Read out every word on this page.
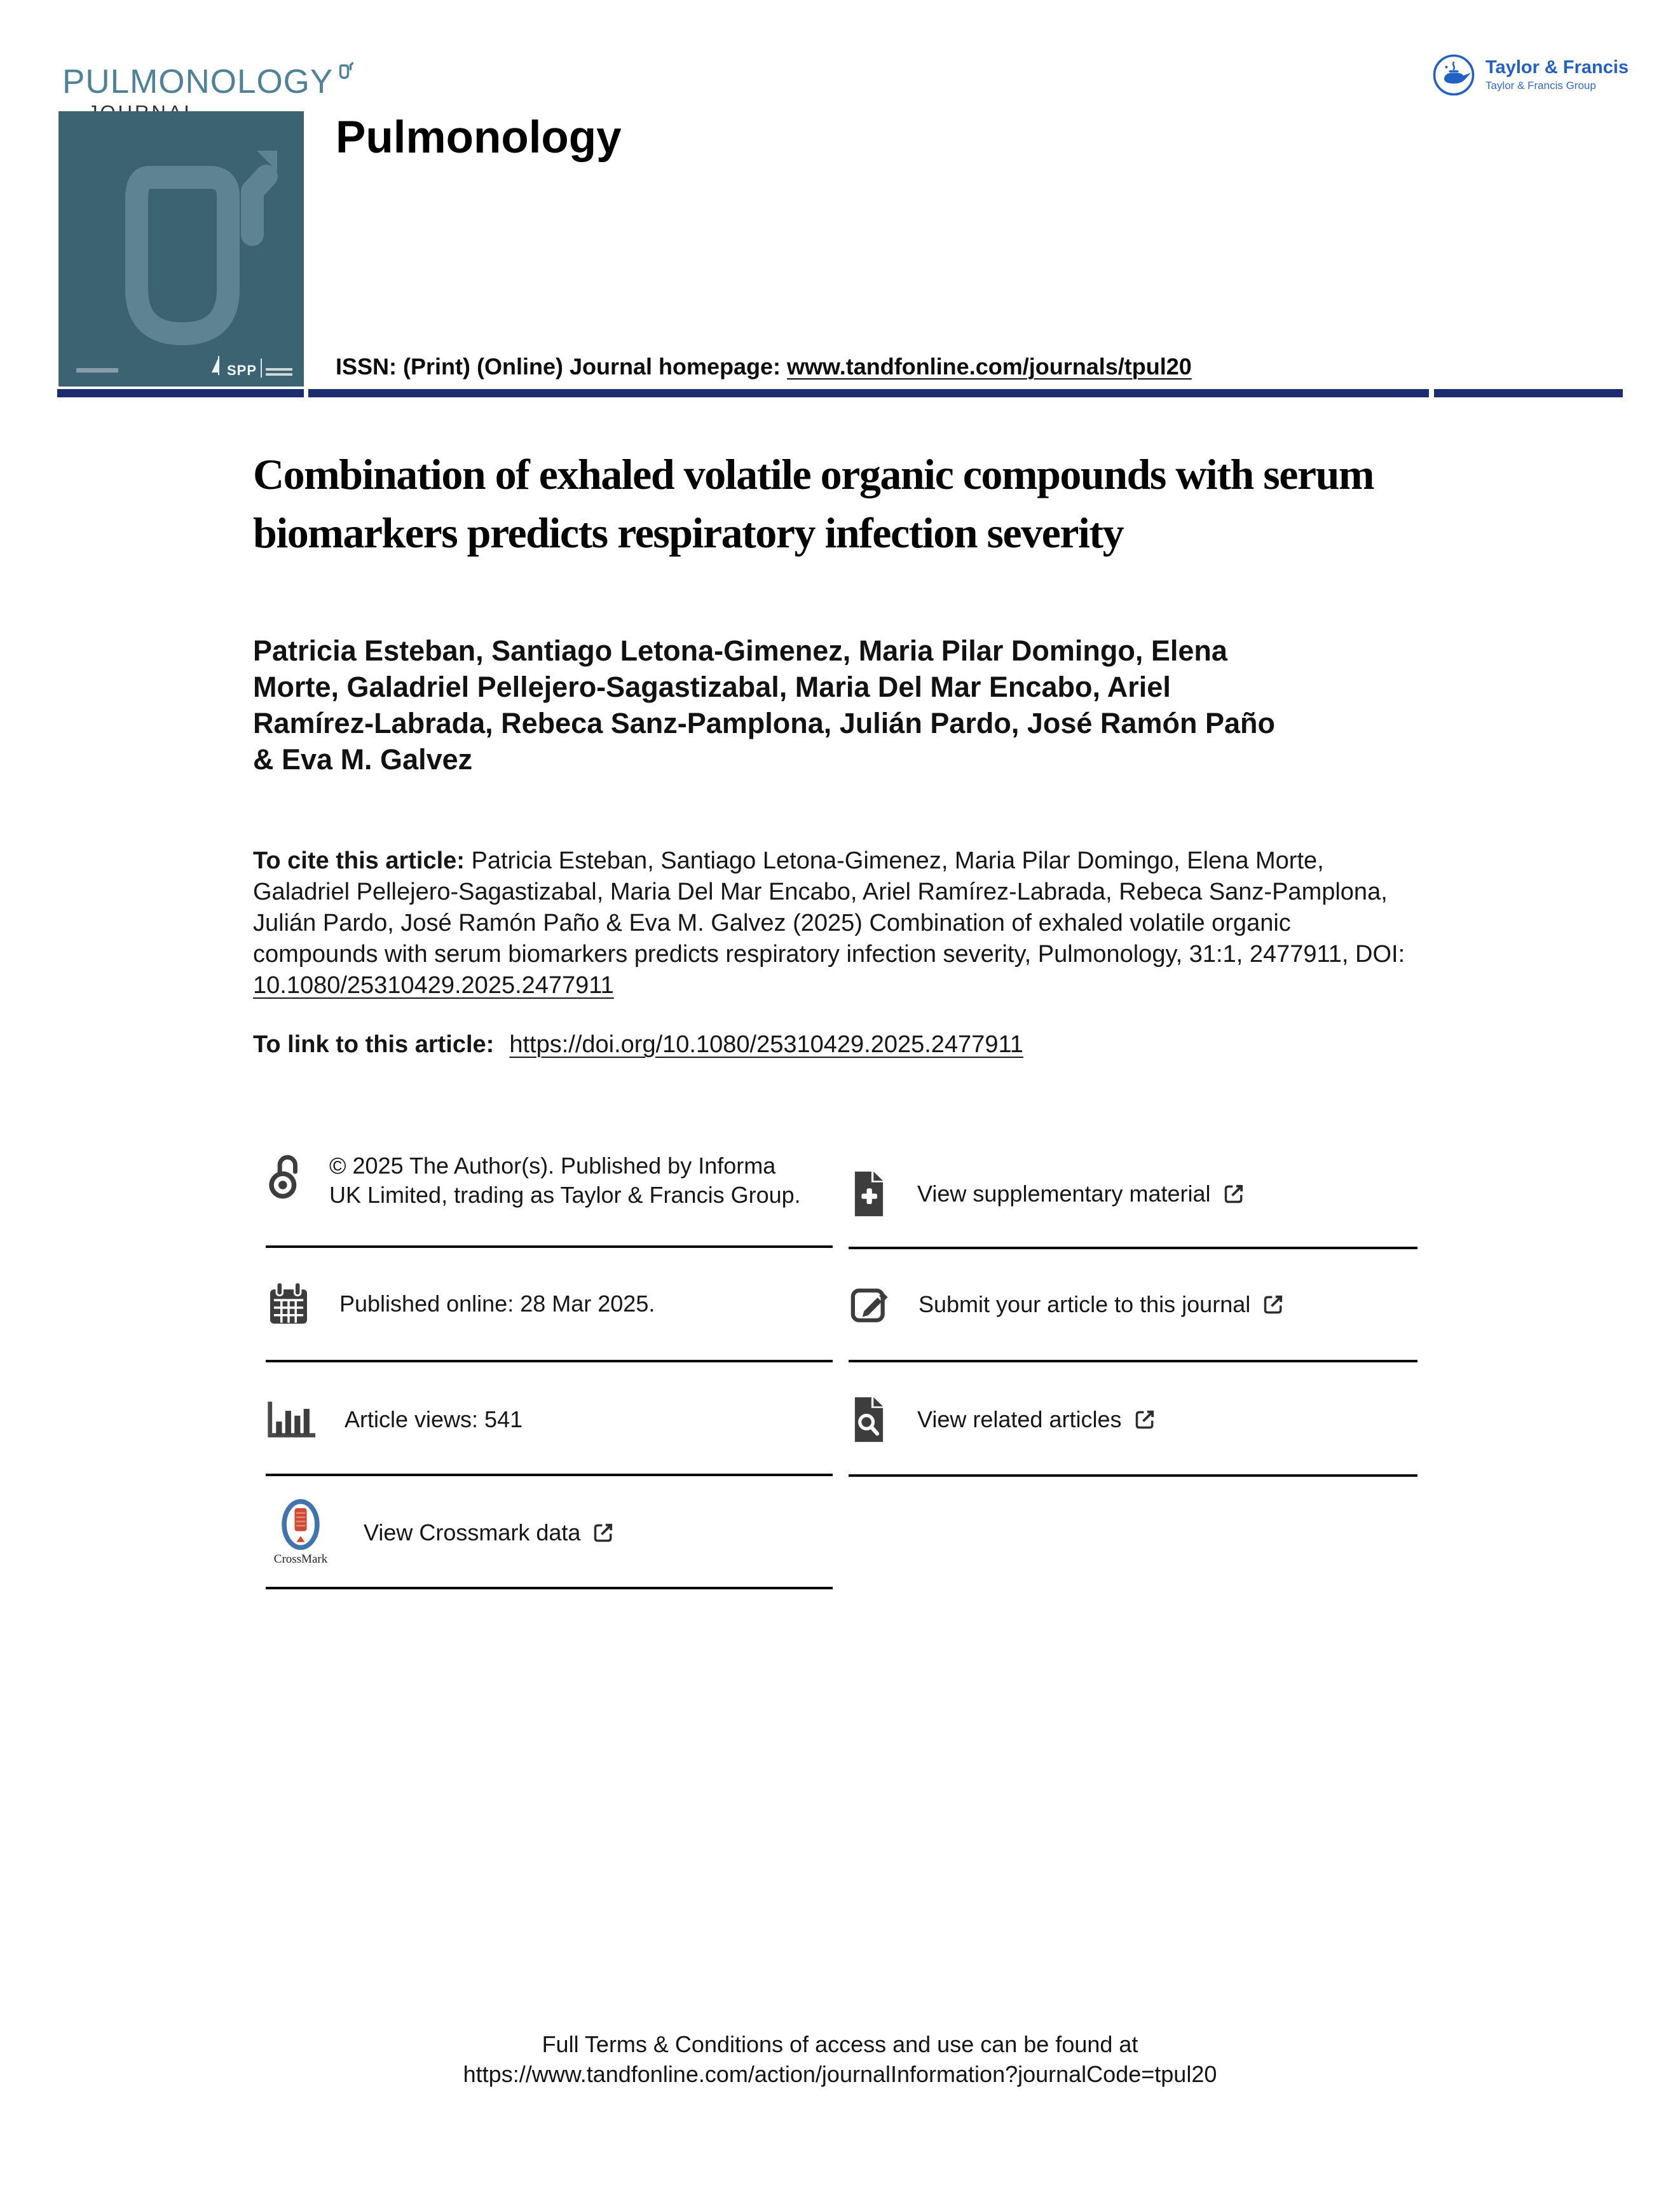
PULMONOLOGY
SPP
Pulmonology
ISSN: (Print) (Online) Journal homepage: www.tandfonline.com/journals/tpul20
Taylor & Francis
Taylor & Francis Group
Combination of exhaled volatile organic compounds with serum biomarkers predicts respiratory infection severity
Patricia Esteban, Santiago Letona-Gimenez, Maria Pilar Domingo, Elena Morte, Galadriel Pellejero-Sagastizabal, Maria Del Mar Encabo, Ariel Ramírez-Labrada, Rebeca Sanz-Pamplona, Julián Pardo, José Ramón Paño & Eva M. Galvez

To cite this article: Patricia Esteban, Santiago Letona-Gimenez, Maria Pilar Domingo, Elena Morte, Galadriel Pellejero-Sagastizabal, Maria Del Mar Encabo, Ariel Ramírez-Labrada, Rebeca Sanz-Pamplona, Julián Pardo, José Ramón Paño & Eva M. Galvez (2025) Combination of exhaled volatile organic compounds with serum biomarkers predicts respiratory infection severity, Pulmonology, 31:1, 2477911, DOI: 10.1080/25310429.2025.2477911

To link to this article: https://doi.org/10.1080/25310429.2025.2477911

© 2025 The Author(s). Published by Informa UK Limited, trading as Taylor & Francis Group.
Published online: 28 Mar 2025.
Article views: 541
CrossMark
View Crossmark data
View supplementary material
Submit your article to this journal
View related articles
Full Terms & Conditions of access and use can be found at
https://www.tandfonline.com/action/journalInformation?journalCode=tpul20
